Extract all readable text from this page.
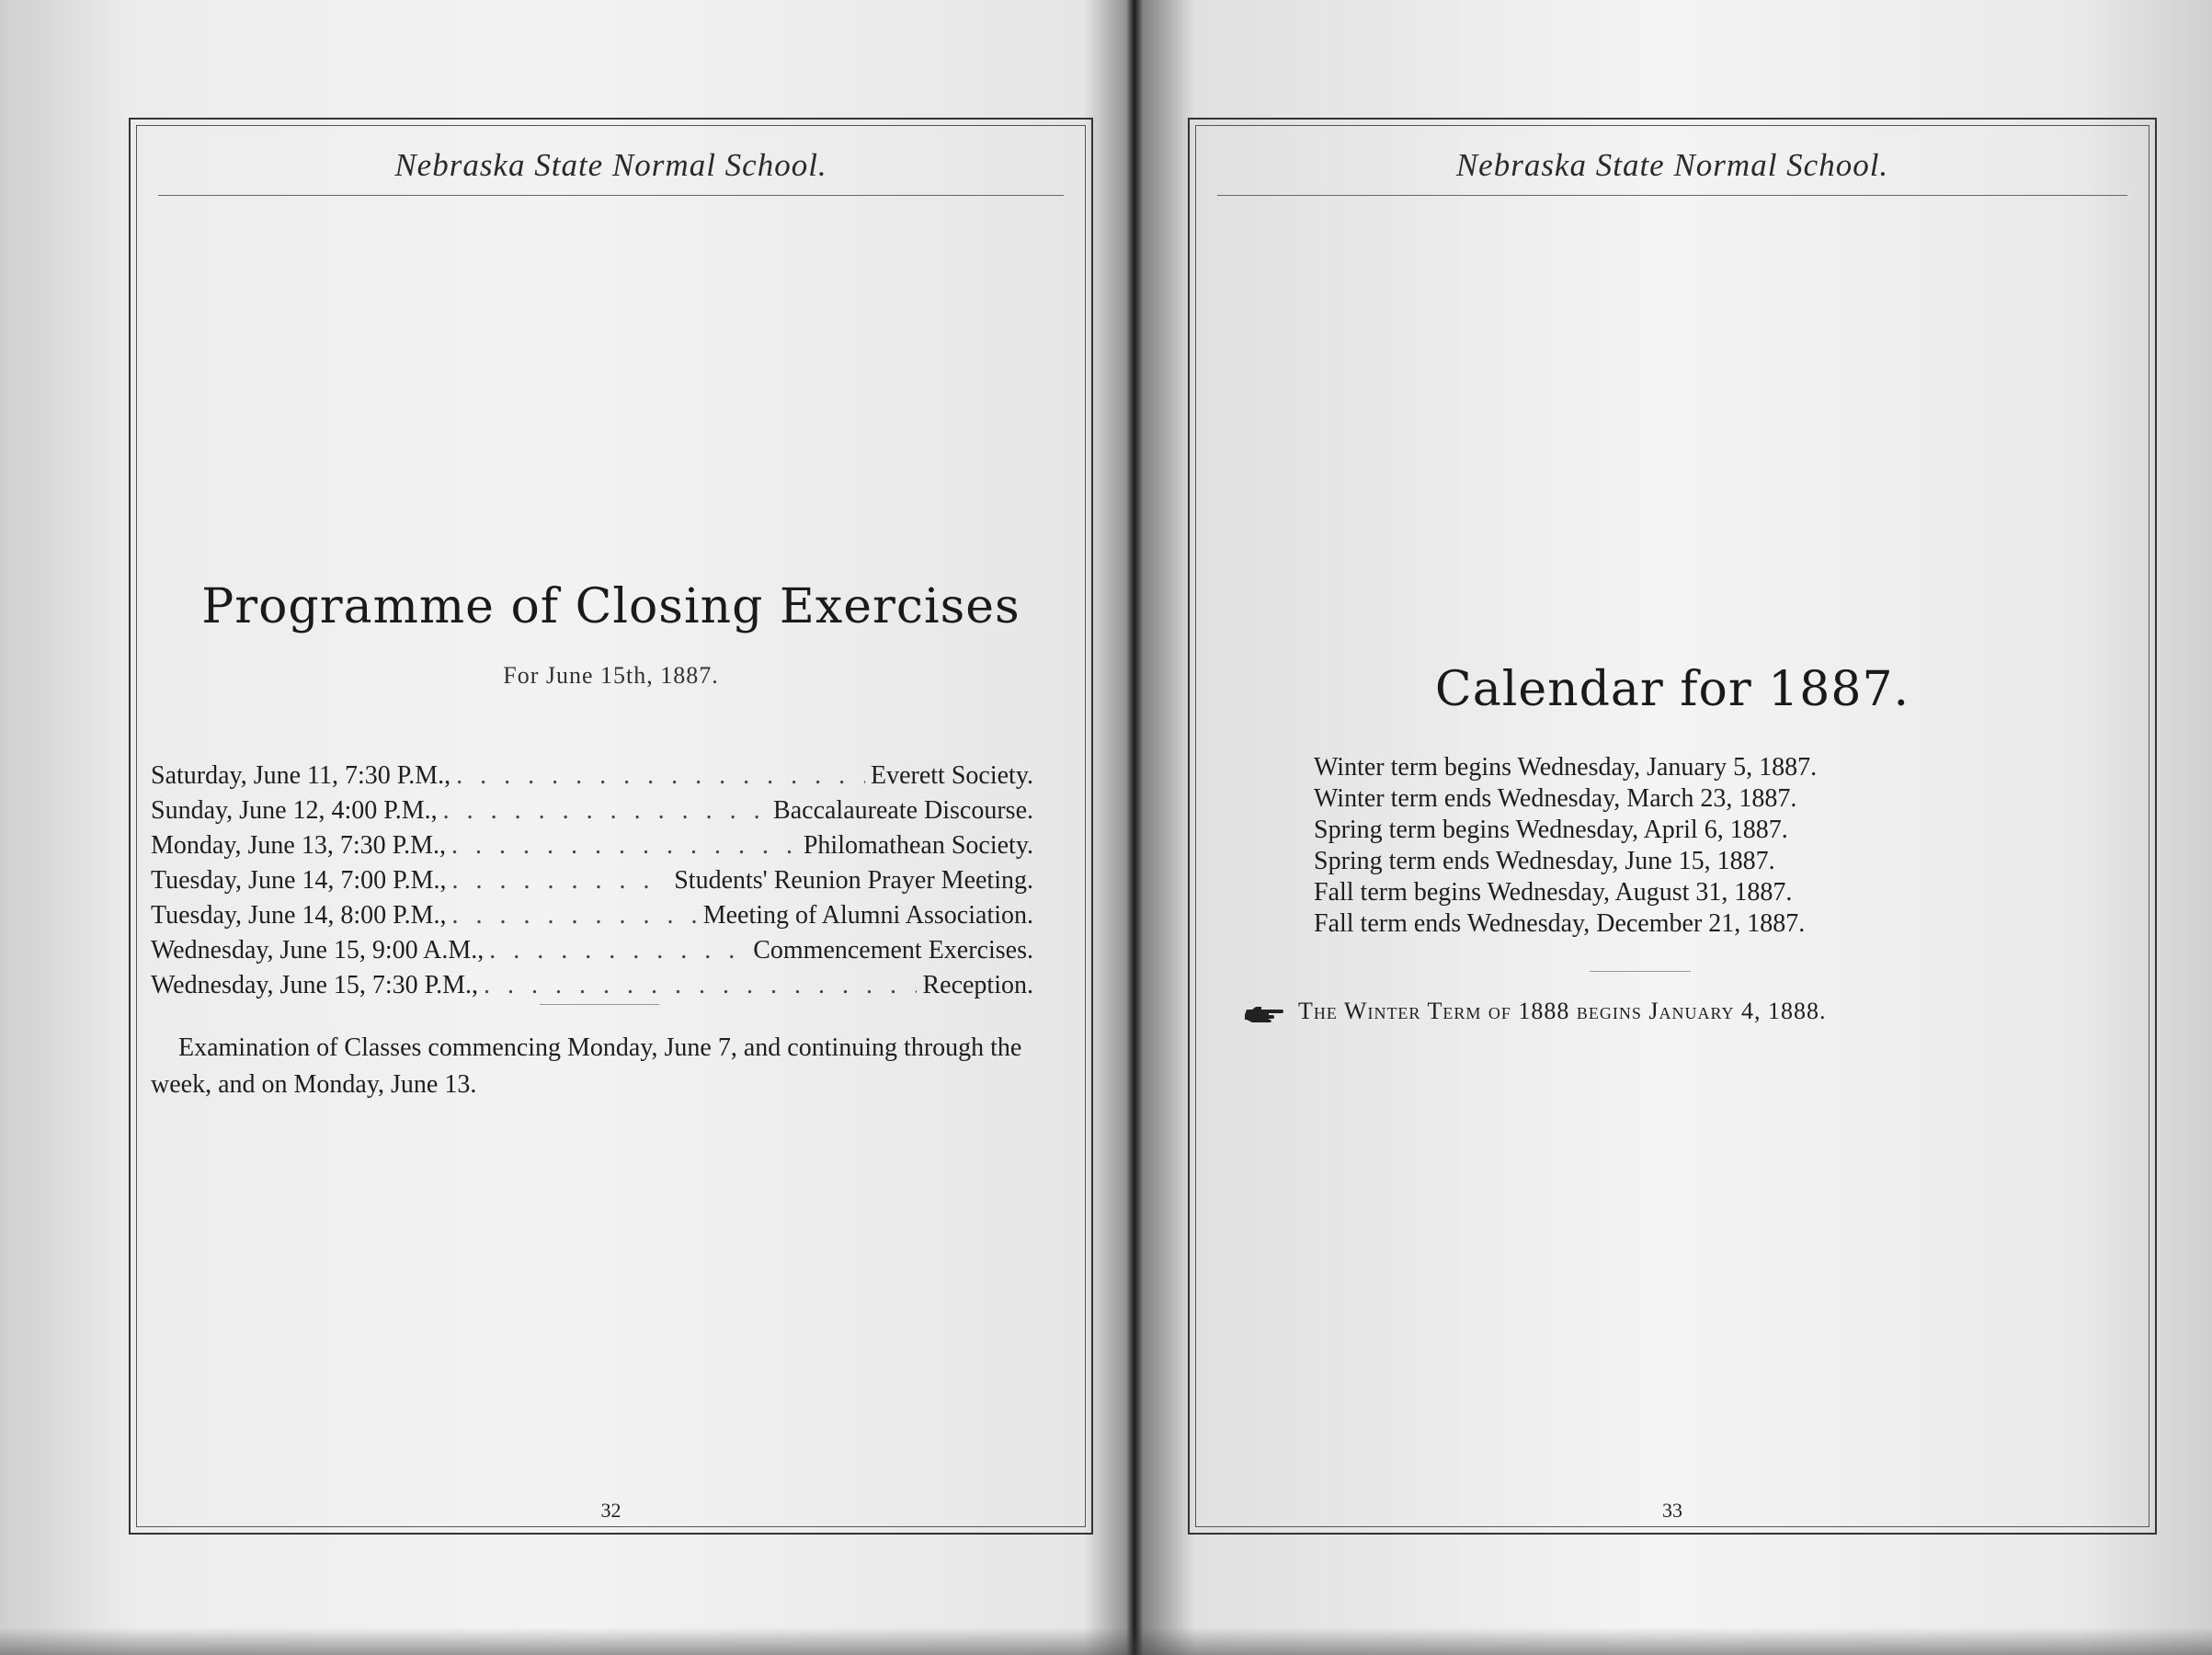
Nebraska State Normal School.
Programme of Closing Exercises
For June 15th, 1887.
Saturday, June 11, 7:30 P.M., . . .	Everett Society.
Sunday, June 12, 4:00 P.M., . . .	Baccalaureate Discourse.
Monday, June 13, 7:30 P.M., . . .	Philomathean Society.
Tuesday, June 14, 7:00 P.M., . . .	Students' Reunion Prayer Meeting.
Tuesday, June 14, 8:00 P.M., . . .	Meeting of Alumni Association.
Wednesday, June 15, 9:00 A.M., . . .	Commencement Exercises.
Wednesday, June 15, 7:30 P.M., . . .	Reception.

Examination of Classes commencing Monday, June 7, and continuing through the week, and on Monday, June 13.

32
Nebraska State Normal School.
Calendar for 1887.
Winter term begins Wednesday, January 5, 1887.
Winter term ends Wednesday, March 23, 1887.
Spring term begins Wednesday, April 6, 1887.
Spring term ends Wednesday, June 15, 1887.
Fall term begins Wednesday, August 31, 1887.
Fall term ends Wednesday, December 21, 1887.

The Winter Term of 1888 begins January 4, 1888.

33
